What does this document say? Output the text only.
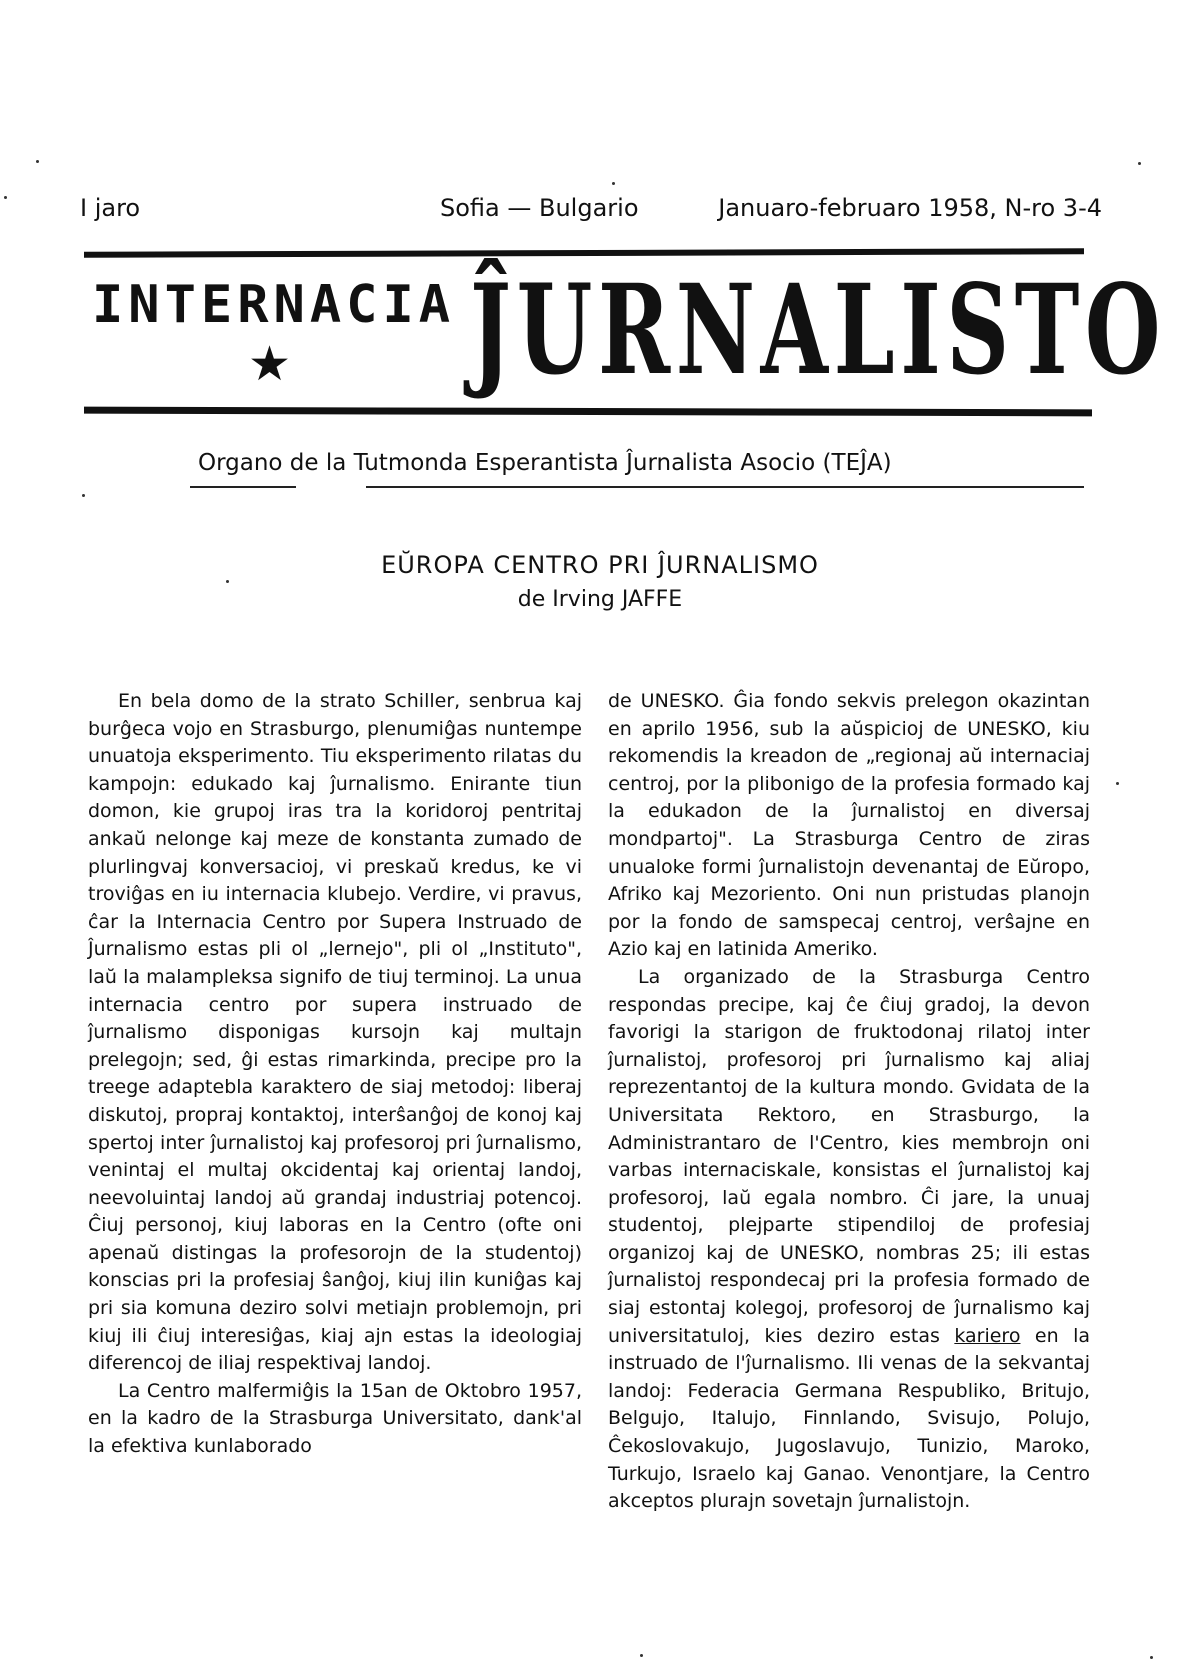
I jaro	Sofia — Bulgario	Januaro-februaro 1958, N-ro 3-4
INTERNACIA
★ ĴURNALISTO
Organo de la Tutmonda Esperantista Ĵurnalista Asocio (TEĴA)
EŬROPA CENTRO PRI ĴURNALISMO
de Irving JAFFE

En bela domo de la strato Schiller, senbrua kaj burĝeca vojo en Strasburgo, plenumiĝas nuntempe unuatoja eksperimento. Tiu eksperimento rilatas du kampojn: edukado kaj ĵurnalismo. Enirante tiun domon, kie grupoj iras tra la koridoroj pentritaj ankaŭ nelonge kaj meze de konstanta zumado de plurlingvaj konversacioj, vi preskaŭ kredus, ke vi troviĝas en iu internacia klubejo. Verdire, vi pravus, ĉar la Internacia Centro por Supera Instruado de Ĵurnalismo estas pli ol „lernejo", pli ol „Instituto", laŭ la malampleksa signifo de tiuj terminoj. La unua internacia centro por supera instruado de ĵurnalismo disponigas kursojn kaj multajn prelegojn; sed, ĝi estas rimarkinda, precipe pro la treege adaptebla karaktero de siaj metodoj: liberaj diskutoj, propraj kontaktoj, interŝanĝoj de konoj kaj spertoj inter ĵurnalistoj kaj profesoroj pri ĵurnalismo, venintaj el multaj okcidentaj kaj orientaj landoj, neevoluintaj landoj aŭ grandaj industriaj potencoj. Ĉiuj personoj, kiuj laboras en la Centro (ofte oni apenaŭ distingas la profesorojn de la studentoj) konscias pri la profesiaj ŝanĝoj, kiuj ilin kuniĝas kaj pri sia komuna deziro solvi metiajn problemojn, pri kiuj ili ĉiuj interesiĝas, kiaj ajn estas la ideologiaj diferencoj de iliaj respektivaj landoj.

La Centro malfermiĝis la 15an de Oktobro 1957, en la kadro de la Strasburga Universitato, dank'al la efektiva kunlaborado

de UNESKO. Ĝia fondo sekvis prelegon okazintan en aprilo 1956, sub la aŭspicioj de UNESKO, kiu rekomendis la kreadon de „regionaj aŭ internaciaj centroj, por la plibonigo de la profesia formado kaj la edukadon de la ĵurnalistoj en diversaj mondpartoj". La Strasburga Centro de ziras unualoke formi ĵurnalistojn devenantaj de Eŭropo, Afriko kaj Mezoriento. Oni nun pristudas planojn por la fondo de samspecaj centroj, verŝajne en Azio kaj en latinida Ameriko.

La organizado de la Strasburga Centro respondas precipe, kaj ĉe ĉiuj gradoj, la devon favorigi la starigon de fruktodonaj rilatoj inter ĵurnalistoj, profesoroj pri ĵurnalismo kaj aliaj reprezentantoj de la kultura mondo. Gvidata de la Universitata Rektoro, en Strasburgo, la Administrantaro de l'Centro, kies membrojn oni varbas internaciskale, konsistas el ĵurnalistoj kaj profesoroj, laŭ egala nombro. Ĉi jare, la unuaj studentoj, plejparte stipendiloj de profesiaj organizoj kaj de UNESKO, nombras 25; ili estas ĵurnalistoj respondecaj pri la profesia formado de siaj estontaj kolegoj, profesoroj de ĵurnalismo kaj universitatuloj, kies deziro estas kariero en la instruado de l'ĵurnalismo. Ili venas de la sekvantaj landoj: Federacia Germana Respubliko, Britujo, Belgujo, Italujo, Finnlando, Svisujo, Polujo, Ĉekoslovakujo, Jugoslavujo, Tunizio, Maroko, Turkujo, Israelo kaj Ganao. Venontjare, la Centro akceptos plurajn sovetajn ĵurnalistojn.
